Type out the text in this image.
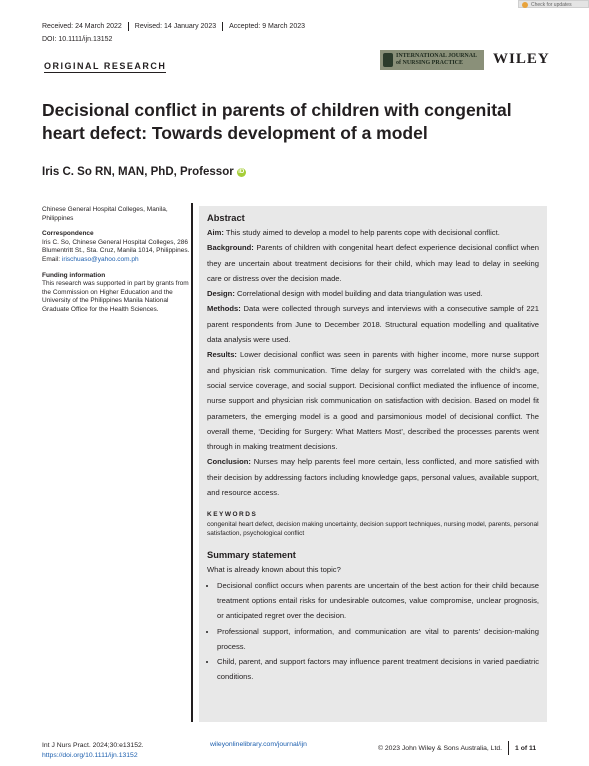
Check for updates
Received: 24 March 2022	Revised: 14 January 2023	Accepted: 9 March 2023
DOI: 10.1111/ijn.13152
ORIGINAL RESEARCH
INTERNATIONAL JOURNAL
of NURSING PRACTICE	WILEY
Decisional conflict in parents of children with congenital heart defect: Towards development of a model
Iris C. So RN, MAN, PhD, Professor iD
Chinese General Hospital Colleges, Manila, Philippines
Correspondence
Iris C. So, Chinese General Hospital Colleges, 286 Blumentritt St., Sta. Cruz, Manila 1014, Philippines.
Email: irischuaso@yahoo.com.ph
Funding information
This research was supported in part by grants from the Commission on Higher Education and the University of the Philippines Manila National Graduate Office for the Health Sciences.
Abstract

Aim: This study aimed to develop a model to help parents cope with decisional conflict.

Background: Parents of children with congenital heart defect experience decisional conflict when they are uncertain about treatment decisions for their child, which may lead to delay in seeking care or distress over the decision made.

Design: Correlational design with model building and data triangulation was used.

Methods: Data were collected through surveys and interviews with a consecutive sample of 221 parent respondents from June to December 2018. Structural equation modelling and qualitative data analysis were used.

Results: Lower decisional conflict was seen in parents with higher income, more nurse support and physician risk communication. Time delay for surgery was correlated with the child's age, social service coverage, and social support. Decisional conflict mediated the influence of income, nurse support and physician risk communication on satisfaction with decision. Based on model fit parameters, the emerging model is a good and parsimonious model of decisional conflict. The overall theme, ‘Deciding for Surgery: What Matters Most’, described the processes parents went through in making treatment decisions.

Conclusion: Nurses may help parents feel more certain, less conflicted, and more satisfied with their decision by addressing factors including knowledge gaps, personal values, available support, and resource access.

KEYWORDS
congenital heart defect, decision making uncertainty, decision support techniques, nursing model, parents, personal satisfaction, psychological conflict
Summary statement
What is already known about this topic?
• Decisional conflict occurs when parents are uncertain of the best action for their child because treatment options entail risks for undesirable outcomes, value compromise, unclear prognosis, or anticipated regret over the decision.
• Professional support, information, and communication are vital to parents' decision-making process.
• Child, parent, and support factors may influence parent treatment decisions in varied paediatric conditions.
Int J Nurs Pract. 2024;30:e13152.
https://doi.org/10.1111/ijn.13152
wileyonlinelibrary.com/journal/ijn	© 2023 John Wiley & Sons Australia, Ltd. 1 of 11
